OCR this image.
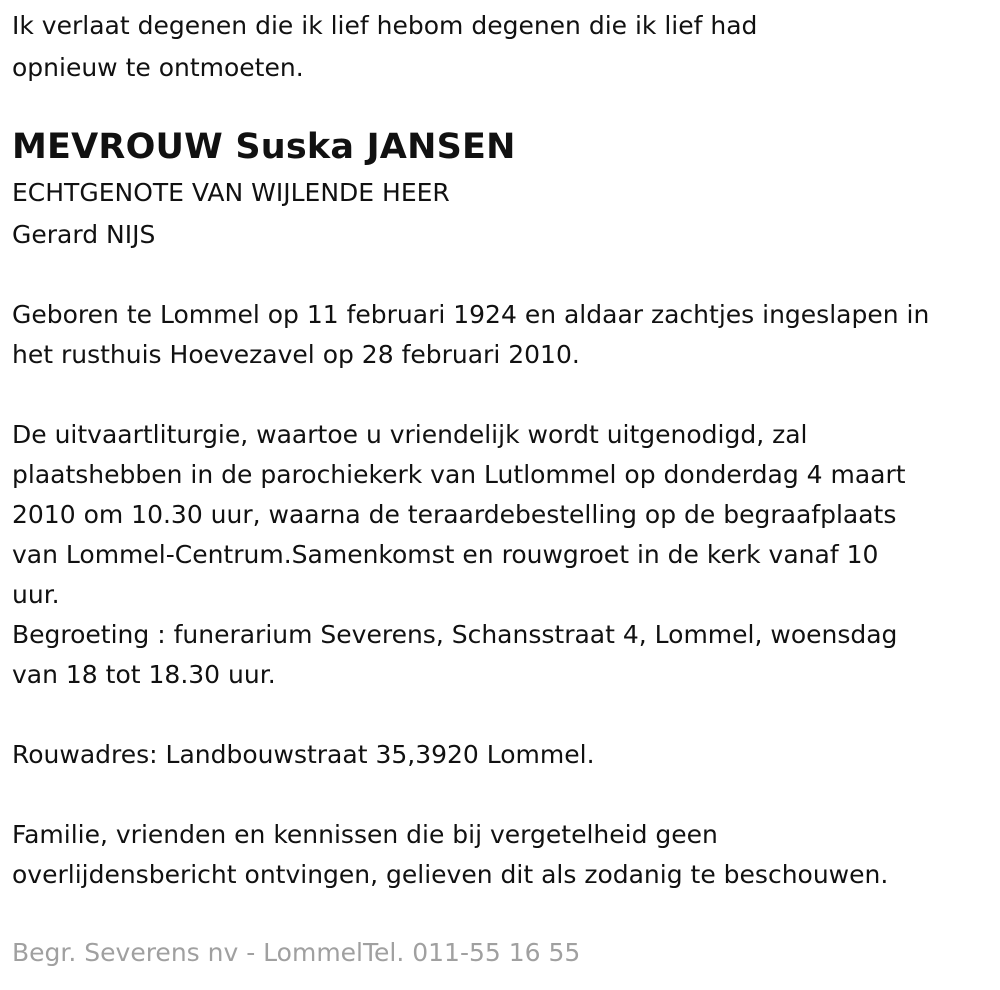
Ik verlaat degenen die ik lief hebom degenen die ik lief had
opnieuw te ontmoeten.
MEVROUW Suska JANSEN
ECHTGENOTE VAN WIJLENDE HEER
Gerard NIJS
Geboren te Lommel op 11 februari 1924 en aldaar zachtjes ingeslapen in
het rusthuis Hoevezavel op 28 februari 2010.
De uitvaartliturgie, waartoe u vriendelijk wordt uitgenodigd, zal
plaatshebben in de parochiekerk van Lutlommel op donderdag 4 maart
2010 om 10.30 uur, waarna de teraardebestelling op de begraafplaats
van Lommel-Centrum.Samenkomst en rouwgroet in de kerk vanaf 10
uur.
Begroeting : funerarium Severens, Schansstraat 4, Lommel, woensdag
van 18 tot 18.30 uur.
Rouwadres: Landbouwstraat 35,3920 Lommel.
Familie, vrienden en kennissen die bij vergetelheid geen
overlijdensbericht ontvingen, gelieven dit als zodanig te beschouwen.
Begr. Severens nv - LommelTel. 011-55 16 55
